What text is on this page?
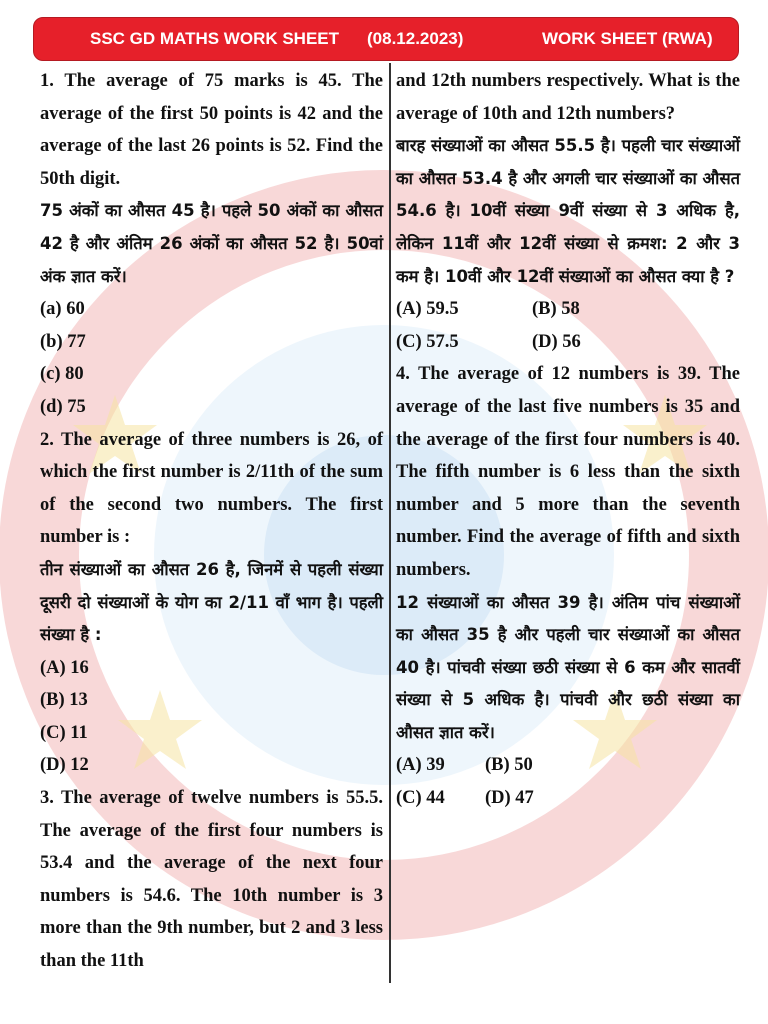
SSC GD MATHS WORK SHEET (08.12.2023)	WORK SHEET (RWA)

1. The average of 75 marks is 45. The average of the first 50 points is 42 and the average of the last 26 points is 52. Find the 50th digit.

75 अंकों का औसत 45 है। पहले 50 अंकों का औसत 42 है और अंतिम 26 अंकों का औसत 52 है। 50वां अंक ज्ञात करें।

(a) 60

(b) 77

(c) 80

(d) 75

2. The average of three numbers is 26, of which the first number is 2/11th of the sum of the second two numbers. The first number is :

तीन संख्याओं का औसत 26 है, जिनमें से पहली संख्या दूसरी दो संख्याओं के योग का 2/11 वाँ भाग है। पहली संख्या है :

(A) 16

(B) 13

(C) 11

(D) 12

3. The average of twelve numbers is 55.5. The average of the first four numbers is 53.4 and the average of the next four numbers is 54.6. The 10th number is 3 more than the 9th number, but 2 and 3 less than the 11th

and 12th numbers respectively. What is the average of 10th and 12th numbers?

बारह संख्याओं का औसत 55.5 है। पहली चार संख्याओं का औसत 53.4 है और अगली चार संख्याओं का औसत 54.6 है। 10वीं संख्या 9वीं संख्या से 3 अधिक है, लेकिन 11वीं और 12वीं संख्या से क्रमश: 2 और 3 कम है। 10वीं और 12वीं संख्याओं का औसत क्या है ?

(A) 59.5	(B) 58

(C) 57.5	(D) 56

4. The average of 12 numbers is 39. The average of the last five numbers is 35 and the average of the first four numbers is 40. The fifth number is 6 less than the sixth number and 5 more than the seventh number. Find the average of fifth and sixth numbers.

12 संख्याओं का औसत 39 है। अंतिम पांच संख्याओं का औसत 35 है और पहली चार संख्याओं का औसत 40 है। पांचवी संख्या छठी संख्या से 6 कम और सातवीं संख्या से 5 अधिक है। पांचवी और छठी संख्या का औसत ज्ञात करें।

(A) 39 (B) 50

(C) 44 (D) 47
